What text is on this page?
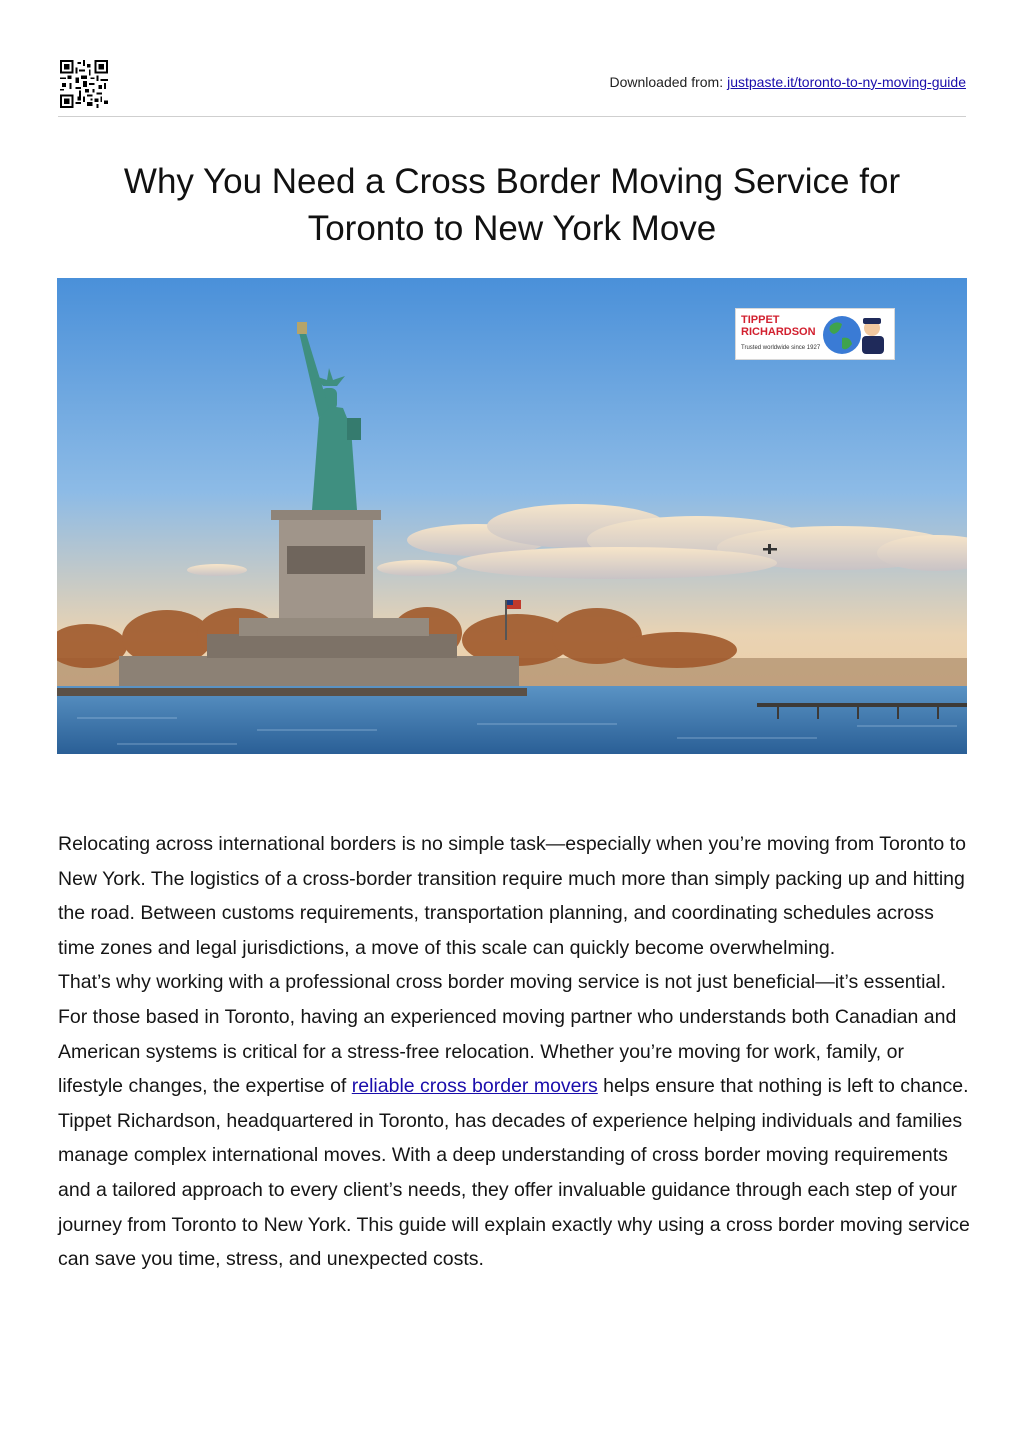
Downloaded from: justpaste.it/toronto-to-ny-moving-guide
Why You Need a Cross Border Moving Service for
Toronto to New York Move
TIPPET
RICHARDSON
Trusted worldwide since 1927

Relocating across international borders is no simple task—especially when you’re moving from Toronto to New York. The logistics of a cross-border transition require much more than simply packing up and hitting the road. Between customs requirements, transportation planning, and coordinating schedules across time zones and legal jurisdictions, a move of this scale can quickly become overwhelming.

That’s why working with a professional cross border moving service is not just beneficial—it’s essential. For those based in Toronto, having an experienced moving partner who understands both Canadian and American systems is critical for a stress-free relocation. Whether you’re moving for work, family, or lifestyle changes, the expertise of reliable cross border movers helps ensure that nothing is left to chance.

Tippet Richardson, headquartered in Toronto, has decades of experience helping individuals and families manage complex international moves. With a deep understanding of cross border moving requirements and a tailored approach to every client’s needs, they offer invaluable guidance through each step of your journey from Toronto to New York. This guide will explain exactly why using a cross border moving service can save you time, stress, and unexpected costs.
